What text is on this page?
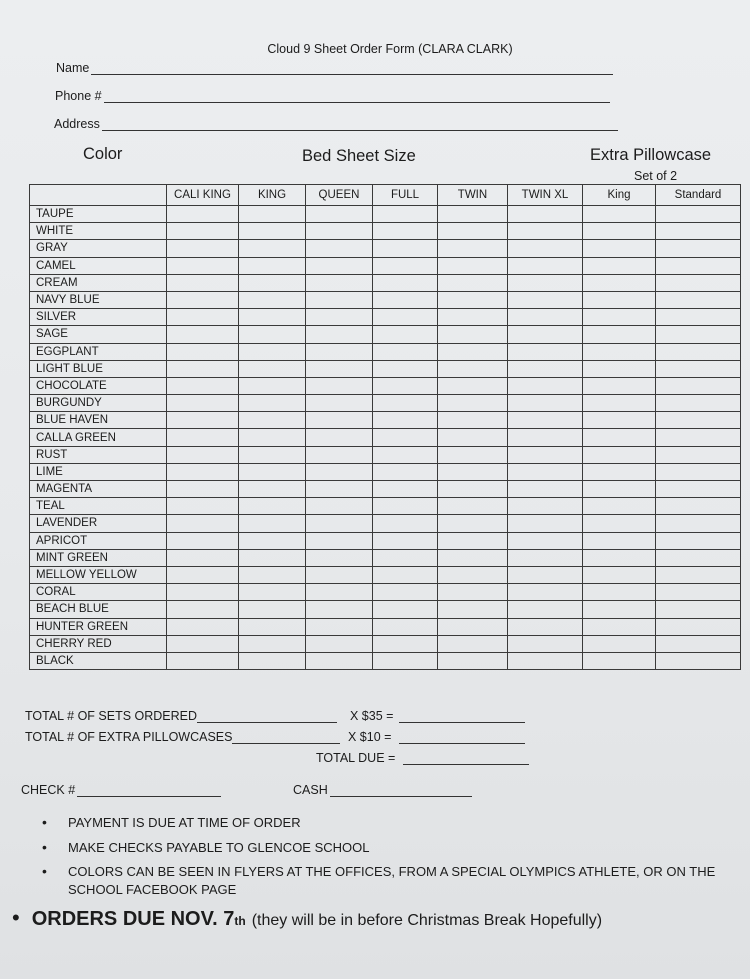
Cloud 9 Sheet Order Form (CLARA CLARK)
Name
Phone #
Address
Color	Bed Sheet Size	Extra Pillowcase
Set of 2
	CALI KING	KING	QUEEN	FULL	TWIN	TWIN XL	King	Standard
TAUPE								
WHITE								
GRAY								
CAMEL								
CREAM								
NAVY BLUE								
SILVER								
SAGE								
EGGPLANT								
LIGHT BLUE								
CHOCOLATE								
BURGUNDY								
BLUE HAVEN								
CALLA GREEN								
RUST								
LIME								
MAGENTA								
TEAL								
LAVENDER								
APRICOT								
MINT GREEN								
MELLOW YELLOW								
CORAL								
BEACH BLUE								
HUNTER GREEN								
CHERRY RED								
BLACK								
TOTAL # OF SETS ORDERED	X $35 =
TOTAL # OF EXTRA PILLOWCASES	X $10 =
TOTAL DUE =
CHECK #	CASH
• PAYMENT IS DUE AT TIME OF ORDER
• MAKE CHECKS PAYABLE TO GLENCOE SCHOOL
• COLORS CAN BE SEEN IN FLYERS AT THE OFFICES, FROM A SPECIAL OLYMPICS ATHLETE, OR ON THE SCHOOL FACEBOOK PAGE
• ORDERS DUE NOV. 7 th (they will be in before Christmas Break Hopefully)
